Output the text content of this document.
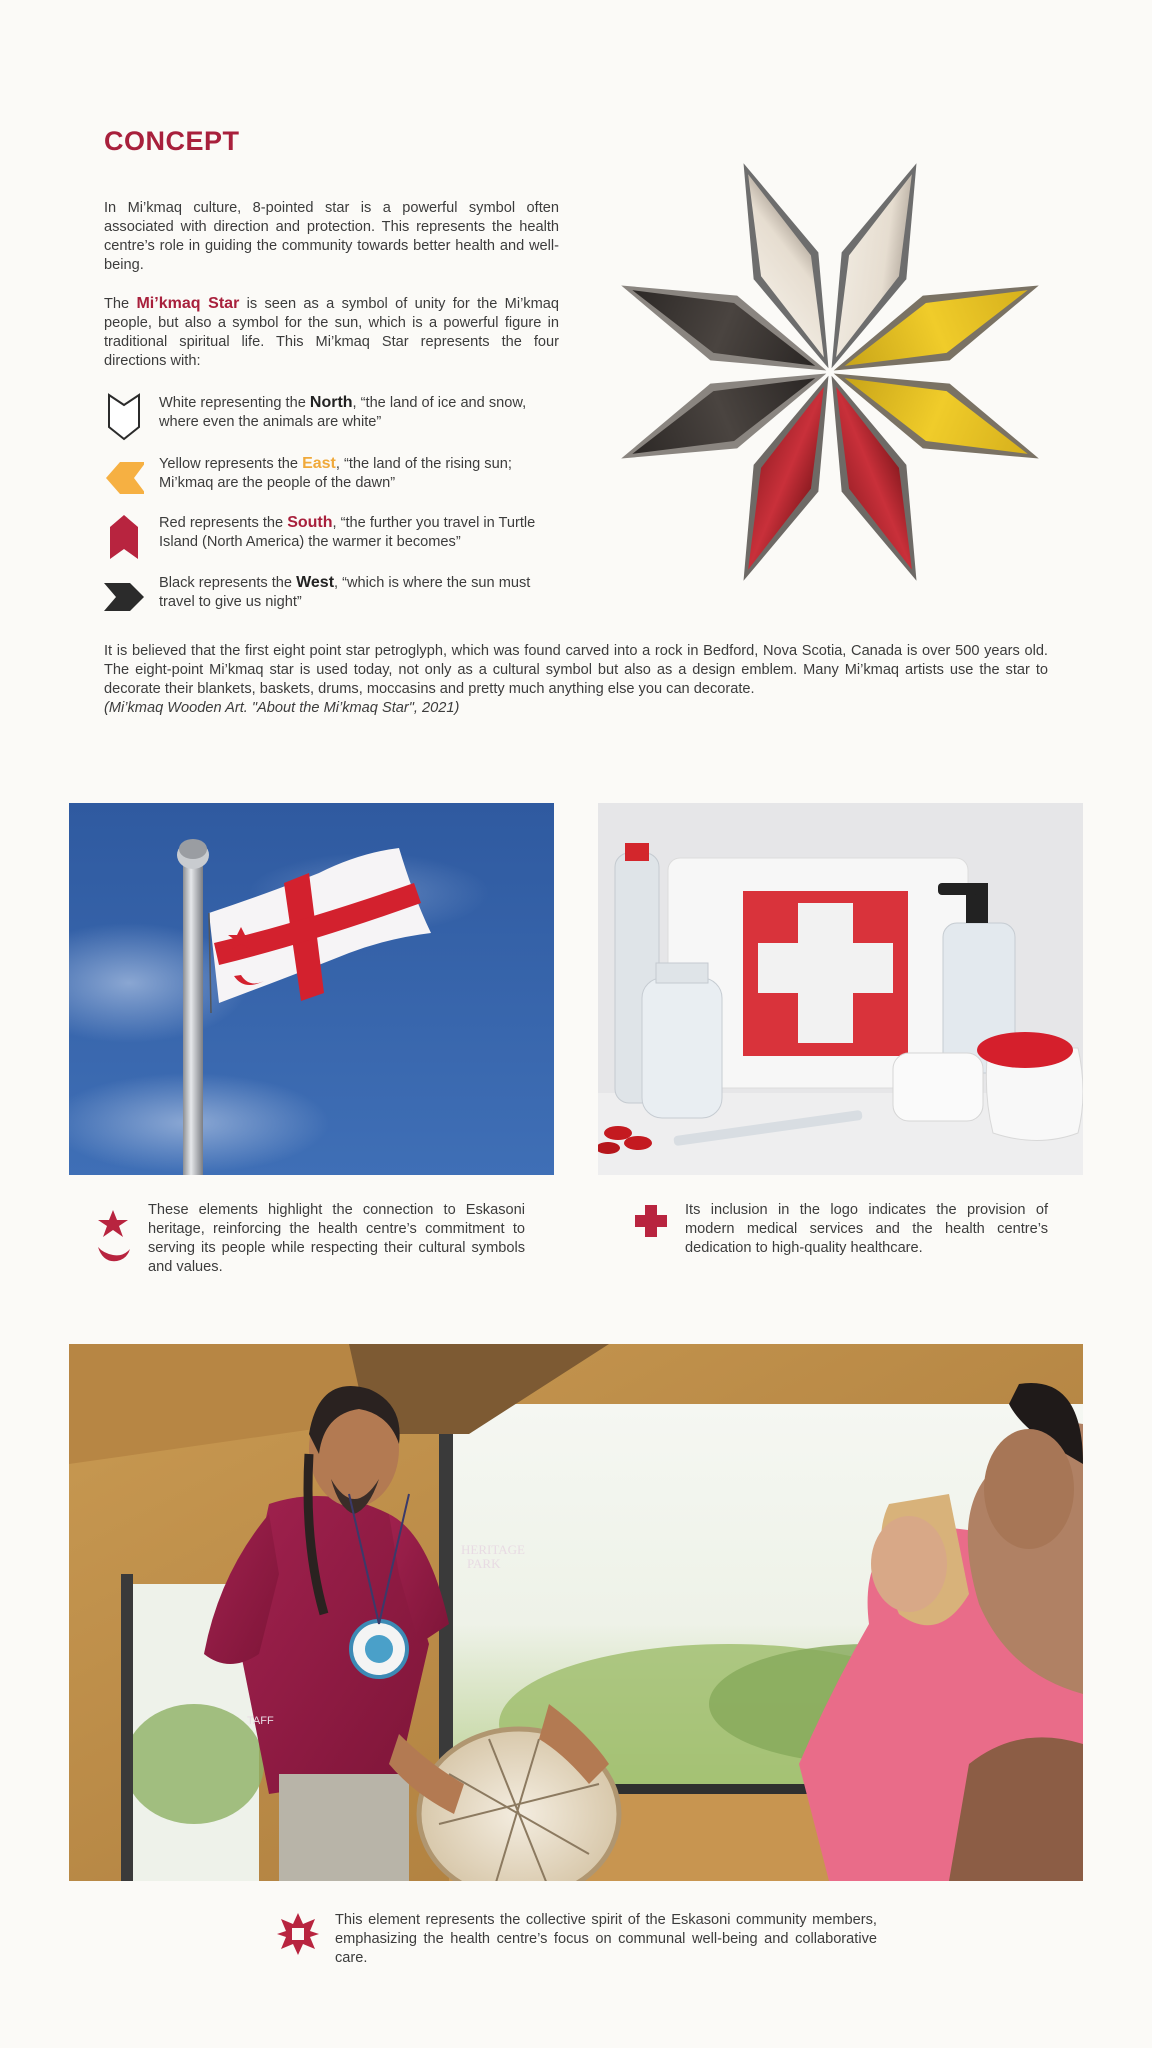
CONCEPT

In Mi’kmaq culture, 8-pointed star is a powerful symbol often associated with direction and protection. This represents the health centre’s role in guiding the community towards better health and well-being.

The Mi’kmaq Star is seen as a symbol of unity for the Mi’kmaq people, but also a symbol for the sun, which is a powerful figure in traditional spiritual life. This Mi’kmaq Star represents the four directions with:

White representing the North, “the land of ice and snow, where even the animals are white”
Yellow represents the East, “the land of the rising sun; Mi’kmaq are the people of the dawn”
Red represents the South, “the further you travel in Turtle Island (North America) the warmer it becomes”
Black represents the West, “which is where the sun must travel to give us night”

It is believed that the first eight point star petroglyph, which was found carved into a rock in Bedford, Nova Scotia, Canada is over 500 years old. The eight-point Mi’kmaq star is used today, not only as a cultural symbol but also as a design emblem. Many Mi’kmaq artists use the star to decorate their blankets, baskets, drums, moccasins and pretty much anything else you can decorate.

(Mi’kmaq Wooden Art. "About the Mi’kmaq Star", 2021)

These elements highlight the connection to Eskasoni heritage, reinforcing the health centre’s commitment to serving its people while respecting their cultural symbols and values.

Its inclusion in the logo indicates the provision of modern medical services and the health centre’s dedication to high-quality healthcare.

HERITAGE
PARK
TAFF

This element represents the collective spirit of the Eskasoni community members, emphasizing the health centre’s focus on communal well-being and collaborative care.
